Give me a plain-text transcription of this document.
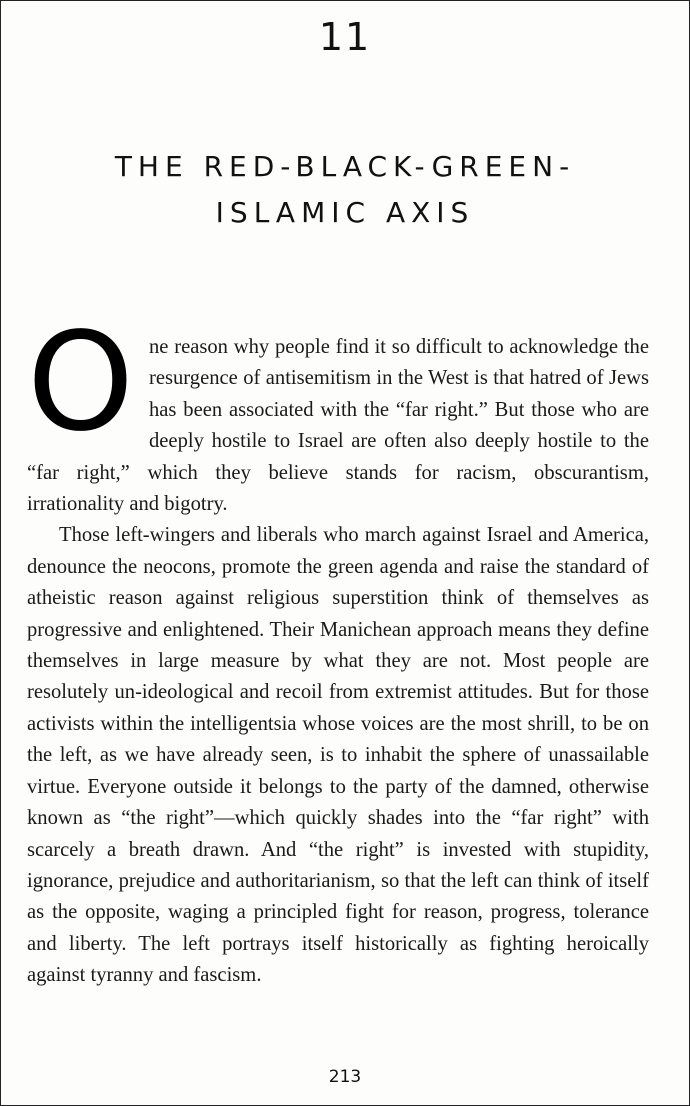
11
THE RED-BLACK-GREEN-
ISLAMIC AXIS

One reason why people find it so difficult to acknowledge the resurgence of antisemitism in the West is that hatred of Jews has been associated with the “far right.” But those who are deeply hostile to Israel are often also deeply hostile to the “far right,” which they believe stands for racism, obscurantism, irrationality and bigotry.

Those left-wingers and liberals who march against Israel and America, denounce the neocons, promote the green agenda and raise the standard of atheistic reason against religious superstition think of themselves as progressive and enlightened. Their Manichean approach means they define themselves in large measure by what they are not. Most people are resolutely un-ideological and recoil from extremist attitudes. But for those activists within the intelligentsia whose voices are the most shrill, to be on the left, as we have already seen, is to inhabit the sphere of unassailable virtue. Everyone outside it belongs to the party of the damned, otherwise known as “the right”—which quickly shades into the “far right” with scarcely a breath drawn. And “the right” is invested with stupidity, ignorance, prejudice and authoritarianism, so that the left can think of itself as the opposite, waging a principled fight for reason, progress, tolerance and liberty. The left portrays itself historically as fighting heroically against tyranny and fascism.

213
